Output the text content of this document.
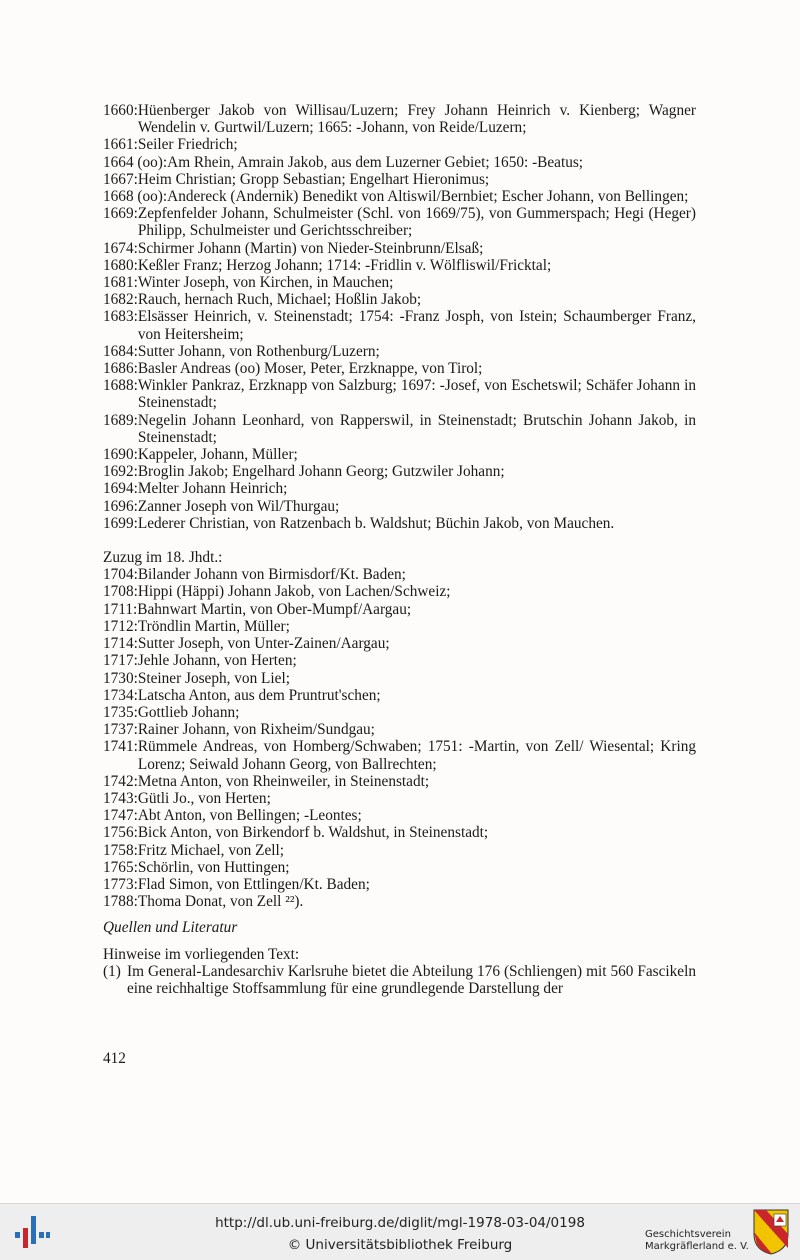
1660: Hüenberger Jakob von Willisau/Luzern; Frey Johann Heinrich v. Kienberg; Wagner Wendelin v. Gurtwil/Luzern; 1665: -Johann, von Reide/Luzern;
1661: Seiler Friedrich;
1664 (oo): Am Rhein, Amrain Jakob, aus dem Luzerner Gebiet; 1650: -Beatus;
1667: Heim Christian; Gropp Sebastian; Engelhart Hieronimus;
1668 (oo): Andereck (Andernik) Benedikt von Altiswil/Bernbiet; Escher Johann, von Bellingen;
1669: Zepfenfelder Johann, Schulmeister (Schl. von 1669/75), von Gummerspach; Hegi (Heger) Philipp, Schulmeister und Gerichtsschreiber;
1674: Schirmer Johann (Martin) von Nieder-Steinbrunn/Elsaß;
1680: Keßler Franz; Herzog Johann; 1714: -Fridlin v. Wölfliswil/Fricktal;
1681: Winter Joseph, von Kirchen, in Mauchen;
1682: Rauch, hernach Ruch, Michael; Hoßlin Jakob;
1683: Elsässer Heinrich, v. Steinenstadt; 1754: -Franz Josph, von Istein; Schaumberger Franz, von Heitersheim;
1684: Sutter Johann, von Rothenburg/Luzern;
1686: Basler Andreas (oo) Moser, Peter, Erzknappe, von Tirol;
1688: Winkler Pankraz, Erzknapp von Salzburg; 1697: -Josef, von Eschetswil; Schäfer Johann in Steinenstadt;
1689: Negelin Johann Leonhard, von Rapperswil, in Steinenstadt; Brutschin Johann Jakob, in Steinenstadt;
1690: Kappeler, Johann, Müller;
1692: Broglin Jakob; Engelhard Johann Georg; Gutzwiler Johann;
1694: Melter Johann Heinrich;
1696: Zanner Joseph von Wil/Thurgau;
1699: Lederer Christian, von Ratzenbach b. Waldshut; Büchin Jakob, von Mauchen.
Zuzug im 18. Jhdt.:
1704: Bilander Johann von Birmisdorf/Kt. Baden;
1708: Hippi (Häppi) Johann Jakob, von Lachen/Schweiz;
1711: Bahnwart Martin, von Ober-Mumpf/Aargau;
1712: Tröndlin Martin, Müller;
1714: Sutter Joseph, von Unter-Zainen/Aargau;
1717: Jehle Johann, von Herten;
1730: Steiner Joseph, von Liel;
1734: Latscha Anton, aus dem Pruntrut'schen;
1735: Gottlieb Johann;
1737: Rainer Johann, von Rixheim/Sundgau;
1741: Rümmele Andreas, von Homberg/Schwaben; 1751: -Martin, von Zell/ Wiesental; Kring Lorenz; Seiwald Johann Georg, von Ballrechten;
1742: Metna Anton, von Rheinweiler, in Steinenstadt;
1743: Gütli Jo., von Herten;
1747: Abt Anton, von Bellingen; -Leontes;
1756: Bick Anton, von Birkendorf b. Waldshut, in Steinenstadt;
1758: Fritz Michael, von Zell;
1765: Schörlin, von Huttingen;
1773: Flad Simon, von Ettlingen/Kt. Baden;
1788: Thoma Donat, von Zell ²²).
Quellen und Literatur
Hinweise im vorliegenden Text:
(1) Im General-Landesarchiv Karlsruhe bietet die Abteilung 176 (Schliengen) mit 560 Fascikeln eine reichhaltige Stoffsammlung für eine grundlegende Darstellung der
412
http://dl.ub.uni-freiburg.de/diglit/mgl-1978-03-04/0198
© Universitätsbibliothek Freiburg
Geschichtsverein
Markgräflerland e. V.
